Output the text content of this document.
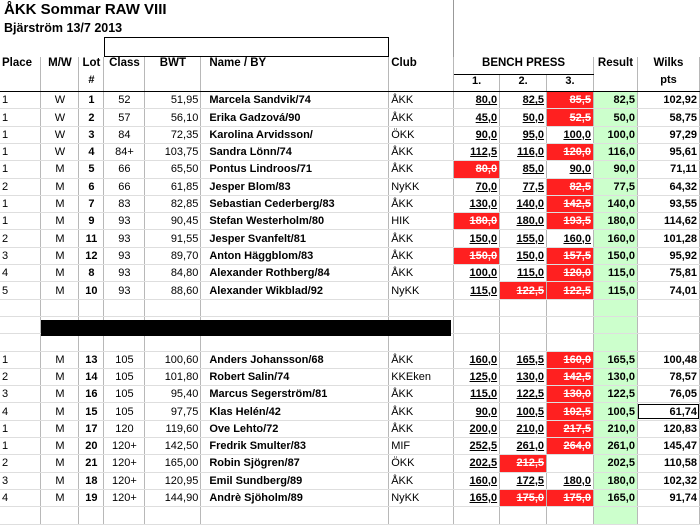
ÅKK Sommar RAW VIII
Bjärström 13/7 2013
Place	M/W	Lot	Class	BWT	Name / BY	Club	BENCH PRESS			Result	Wilks
		#					1.	2.	3.		pts
1	W	1	52	51,95	Marcela Sandvik/74	ÅKK	80,0	82,5	85,5	82,5	102,92
1	W	2	57	56,10	Erika Gadzová/90	ÅKK	45,0	50,0	52,5	50,0	58,75
1	W	3	84	72,35	Karolina Arvidsson/	ÖKK	90,0	95,0	100,0	100,0	97,29
1	W	4	84+	103,75	Sandra Lönn/74	ÅKK	112,5	116,0	120,0	116,0	95,61
1	M	5	66	65,50	Pontus Lindroos/71	ÅKK	80,0	85,0	90,0	90,0	71,11
2	M	6	66	61,85	Jesper Blom/83	NyKK	70,0	77,5	82,5	77,5	64,32
1	M	7	83	82,85	Sebastian Cederberg/83	ÅKK	130,0	140,0	142,5	140,0	93,55
1	M	9	93	90,45	Stefan Westerholm/80	HIK	180,0	180,0	193,5	180,0	114,62
2	M	11	93	91,55	Jesper Svanfelt/81	ÅKK	150,0	155,0	160,0	160,0	101,28
3	M	12	93	89,70	Anton Häggblom/83	ÅKK	150,0	150,0	157,5	150,0	95,92
4	M	8	93	84,80	Alexander Rothberg/84	ÅKK	100,0	115,0	120,0	115,0	75,81
5	M	10	93	88,60	Alexander Wikblad/92	NyKK	115,0	122,5	122,5	115,0	74,01

1	M	13	105	100,60	Anders Johansson/68	ÅKK	160,0	165,5	160,0	165,5	100,48
2	M	14	105	101,80	Robert Salin/74	KKEken	125,0	130,0	142,5	130,0	78,57
3	M	16	105	95,40	Marcus Segerström/81	ÅKK	115,0	122,5	130,0	122,5	76,05
4	M	15	105	97,75	Klas Helén/42	ÅKK	90,0	100,5	102,5	100,5	61,74
1	M	17	120	119,60	Ove Lehto/72	ÅKK	200,0	210,0	217,5	210,0	120,83
1	M	20	120+	142,50	Fredrik Smulter/83	MIF	252,5	261,0	264,0	261,0	145,47
2	M	21	120+	165,00	Robin Sjögren/87	ÖKK	202,5	212,5		202,5	110,58
3	M	18	120+	120,95	Emil Sundberg/89	ÅKK	160,0	172,5	180,0	180,0	102,32
4	M	19	120+	144,90	Andrè Sjöholm/89	NyKK	165,0	175,0	175,0	165,0	91,74
